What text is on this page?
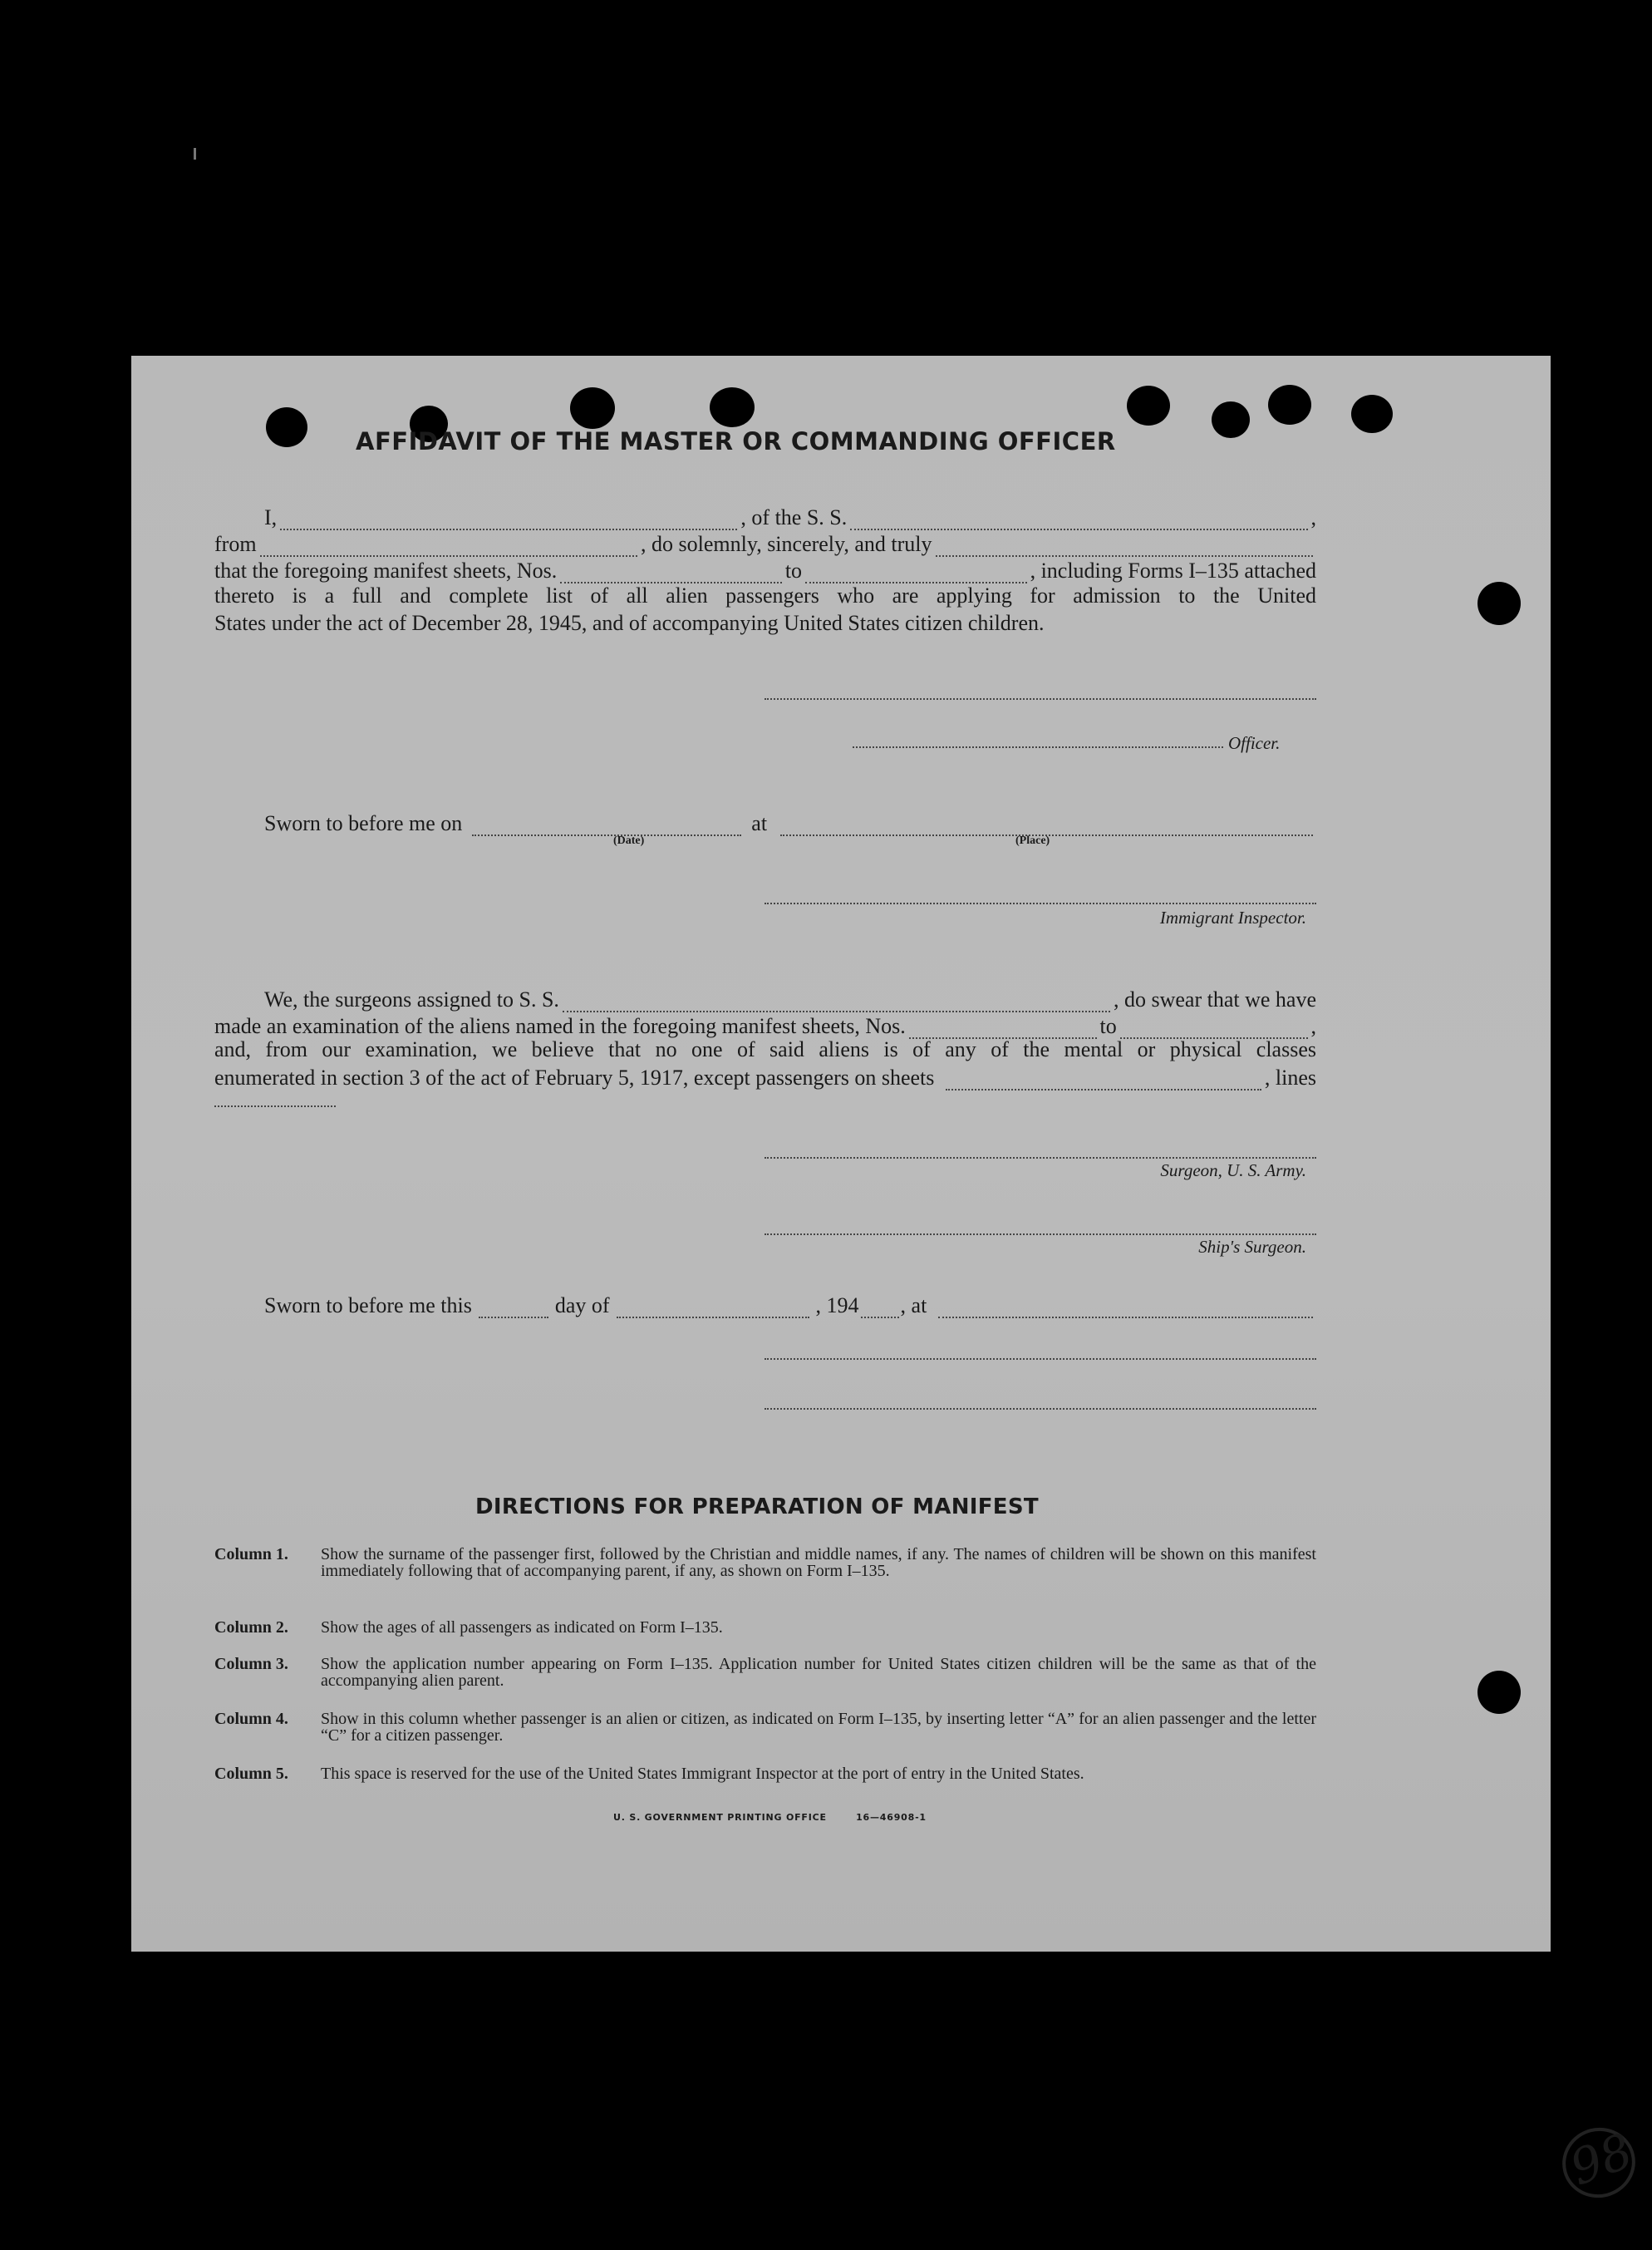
AFFIDAVIT OF THE MASTER OR COMMANDING OFFICER
I,	, of the S. S.	,
from	, do solemnly, sincerely, and truly
that the foregoing manifest sheets, Nos.	to	, including Forms I–135 attached
thereto is a full and complete list of all alien passengers who are applying for admission to the United
States under the act of December 28, 1945, and of accompanying United States citizen children.
Officer.
Sworn to before me on	at
(Date)	(Place)
Immigrant Inspector.
We, the surgeons assigned to S. S.	, do swear that we have
made an examination of the aliens named in the foregoing manifest sheets, Nos.	to	,
and, from our examination, we believe that no one of said aliens is of any of the mental or physical classes
enumerated in section 3 of the act of February 5, 1917, except passengers on sheets	, lines
Surgeon, U. S. Army.
Ship's Surgeon.
Sworn to before me this	day of	, 194 , at
DIRECTIONS FOR PREPARATION OF MANIFEST
Column 1. Show the surname of the passenger first, followed by the Christian and middle names, if any. The names of children will be shown on this manifest immediately following that of accompanying parent, if any, as shown on Form I–135.
Column 2. Show the ages of all passengers as indicated on Form I–135.
Column 3. Show the application number appearing on Form I–135. Application number for United States citizen children will be the same as that of the accompanying alien parent.
Column 4. Show in this column whether passenger is an alien or citizen, as indicated on Form I–135, by inserting letter “A” for an alien passenger and the letter “C” for a citizen passenger.
Column 5. This space is reserved for the use of the United States Immigrant Inspector at the port of entry in the United States.
U. S. GOVERNMENT PRINTING OFFICE	16—46908-1
98
